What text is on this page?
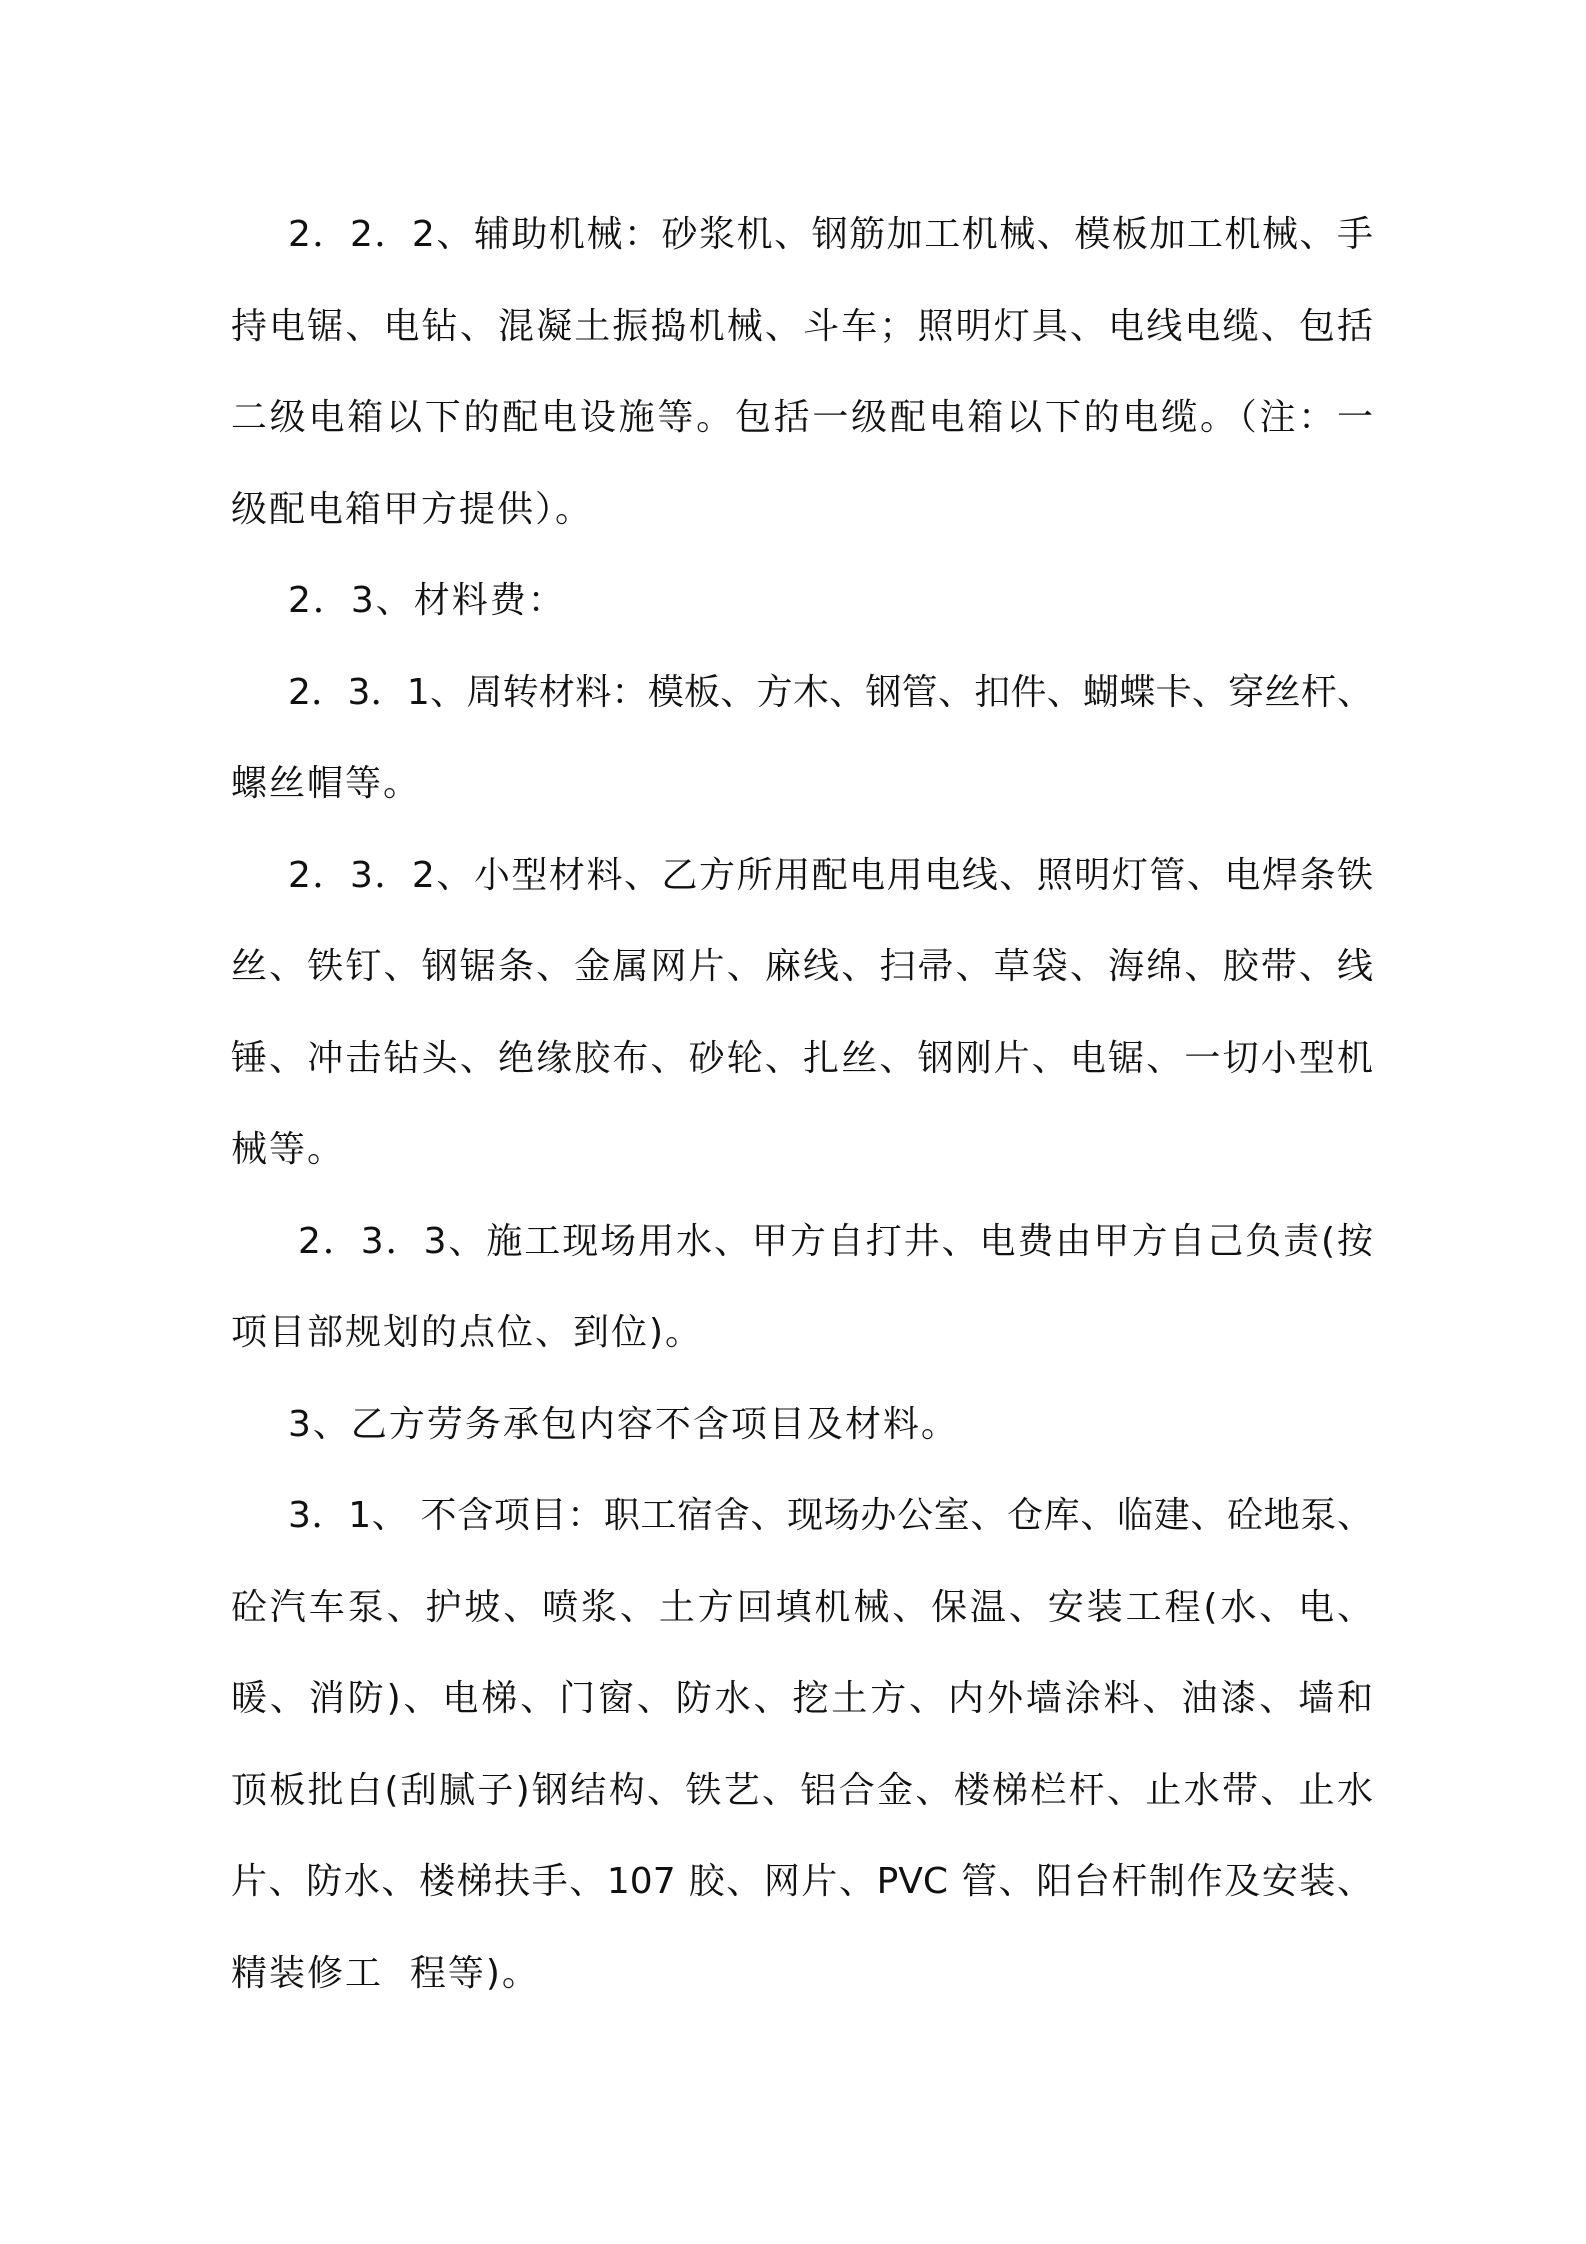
2．2．2、辅助机械：砂浆机、钢筋加工机械、模板加工机械、手
持电锯、电钻、混凝土振捣机械、斗车；照明灯具、电线电缆、包括
二级电箱以下的配电设施等。包括一级配电箱以下的电缆。（注：一
级配电箱甲方提供）。
2．3、材料费：
2．3．1、周转材料：模板、方木、钢管、扣件、蝴蝶卡、穿丝杆、
螺丝帽等。
2．3．2、小型材料、乙方所用配电用电线、照明灯管、电焊条铁
丝、铁钉、钢锯条、金属网片、麻线、扫帚、草袋、海绵、胶带、线
锤、冲击钻头、绝缘胶布、砂轮、扎丝、钢刚片、电锯、一切小型机
械等。
2．3．3、施工现场用水、甲方自打井、电费由甲方自己负责(按
项目部规划的点位、到位)。
3、乙方劳务承包内容不含项目及材料。
3．1、 不含项目：职工宿舍、现场办公室、仓库、临建、砼地泵、
砼汽车泵、护坡、喷浆、土方回填机械、保温、安装工程(水、电、
暖、消防)、电梯、门窗、防水、挖土方、内外墙涂料、油漆、墙和
顶板批白(刮腻子)钢结构、铁艺、铝合金、楼梯栏杆、止水带、止水
片、防水、楼梯扶手、107 胶、网片、PVC 管、阳台杆制作及安装、
精装修工  程等)。
